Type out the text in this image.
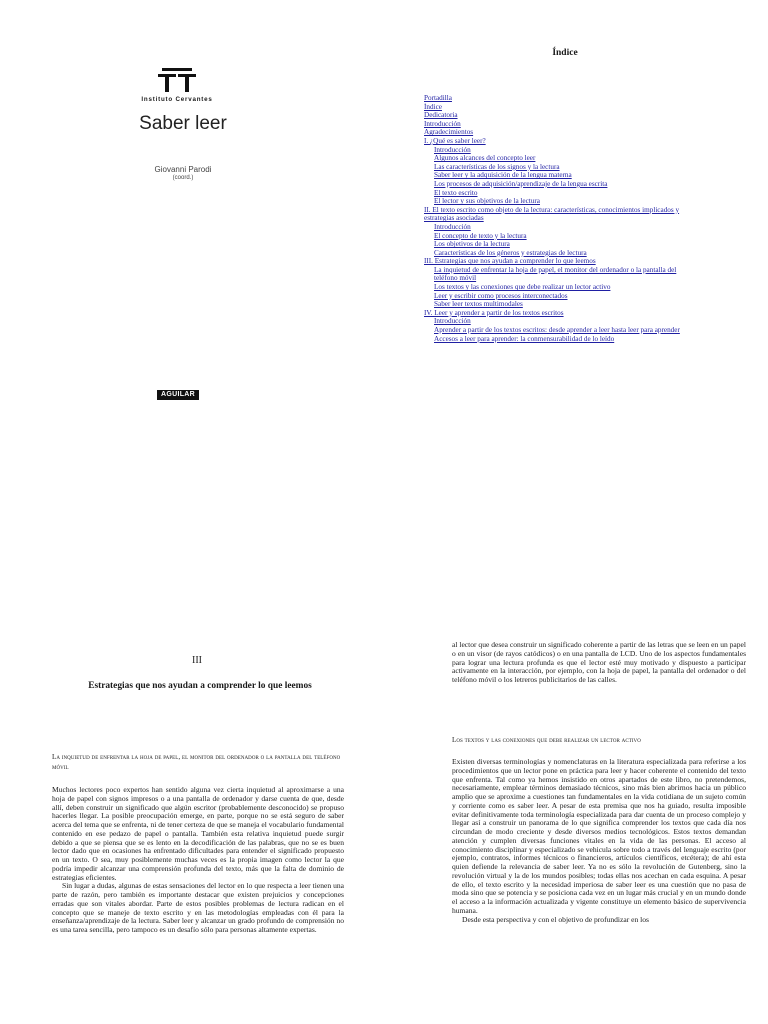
Instituto Cervantes
Saber leer
Giovanni Parodi
(coord.)
AGUILAR
Índice
Portadilla
Índice
Dedicatoria
Introducción
Agradecimientos
I. ¿Qué es saber leer?
Introducción
Algunos alcances del concepto leer
Las características de los signos y la lectura
Saber leer y la adquisición de la lengua materna
Los procesos de adquisición/aprendizaje de la lengua escrita
El texto escrito
El lector y sus objetivos de la lectura
II. El texto escrito como objeto de la lectura: características, conocimientos implicados y estrategias asociadas
Introducción
El concepto de texto y la lectura
Los objetivos de la lectura
Características de los géneros y estrategias de lectura
III. Estrategias que nos ayudan a comprender lo que leemos
La inquietud de enfrentar la hoja de papel, el monitor del ordenador o la pantalla del teléfono móvil
Los textos y las conexiones que debe realizar un lector activo
Leer y escribir como procesos interconectados
Saber leer textos multimodales
IV. Leer y aprender a partir de los textos escritos
Introducción
Aprender a partir de los textos escritos: desde aprender a leer hasta leer para aprender
Accesos a leer para aprender: la conmensurabilidad de lo leído
III
Estrategias que nos ayudan a comprender lo que leemos
La inquietud de enfrentar la hoja de papel, el monitor del ordenador o la pantalla del teléfono móvil

Muchos lectores poco expertos han sentido alguna vez cierta inquietud al aproximarse a una hoja de papel con signos impresos o a una pantalla de ordenador y darse cuenta de que, desde allí, deben construir un significado que algún escritor (probablemente desconocido) se propuso hacerles llegar. La posible preocupación emerge, en parte, porque no se está seguro de saber acerca del tema que se enfrenta, ni de tener certeza de que se maneja el vocabulario fundamental contenido en ese pedazo de papel o pantalla. También esta relativa inquietud puede surgir debido a que se piensa que se es lento en la decodificación de las palabras, que no se es buen lector dado que en ocasiones ha enfrentado dificultades para entender el significado propuesto en un texto. O sea, muy posiblemente muchas veces es la propia imagen como lector la que podría impedir alcanzar una comprensión profunda del texto, más que la falta de dominio de estrategias eficientes.

Sin lugar a dudas, algunas de estas sensaciones del lector en lo que respecta a leer tienen una parte de razón, pero también es importante destacar que existen prejuicios y concepciones erradas que son vitales abordar. Parte de estos posibles problemas de lectura radican en el concepto que se maneje de texto escrito y en las metodologías empleadas con él para la enseñanza/aprendizaje de la lectura. Saber leer y alcanzar un grado profundo de comprensión no es una tarea sencilla, pero tampoco es un desafío sólo para personas altamente expertas.

al lector que desea construir un significado coherente a partir de las letras que se leen en un papel o en un visor (de rayos catódicos) o en una pantalla de LCD. Uno de los aspectos fundamentales para lograr una lectura profunda es que el lector esté muy motivado y dispuesto a participar activamente en la interacción, por ejemplo, con la hoja de papel, la pantalla del ordenador o del teléfono móvil o los letreros publicitarios de las calles.

Los textos y las conexiones que debe realizar un lector activo

Existen diversas terminologías y nomenclaturas en la literatura especializada para referirse a los procedimientos que un lector pone en práctica para leer y hacer coherente el contenido del texto que enfrenta. Tal como ya hemos insistido en otros apartados de este libro, no pretendemos, necesariamente, emplear términos demasiado técnicos, sino más bien abrirnos hacia un público amplio que se aproxime a cuestiones tan fundamentales en la vida cotidiana de un sujeto común y corriente como es saber leer. A pesar de esta premisa que nos ha guiado, resulta imposible evitar definitivamente toda terminología especializada para dar cuenta de un proceso complejo y llegar así a construir un panorama de lo que significa comprender los textos que cada día nos circundan de modo creciente y desde diversos medios tecnológicos. Estos textos demandan atención y cumplen diversas funciones vitales en la vida de las personas. El acceso al conocimiento disciplinar y especializado se vehicula sobre todo a través del lenguaje escrito (por ejemplo, contratos, informes técnicos o financieros, artículos científicos, etcétera); de ahí esta quien defiende la relevancia de saber leer. Ya no es sólo la revolución de Gutenberg, sino la revolución virtual y la de los mundos posibles; todas ellas nos acechan en cada esquina. A pesar de ello, el texto escrito y la necesidad imperiosa de saber leer es una cuestión que no pasa de moda sino que se potencia y se posiciona cada vez en un lugar más crucial y en un mundo donde el acceso a la información actualizada y vigente constituye un elemento básico de supervivencia humana.

Desde esta perspectiva y con el objetivo de profundizar en los
